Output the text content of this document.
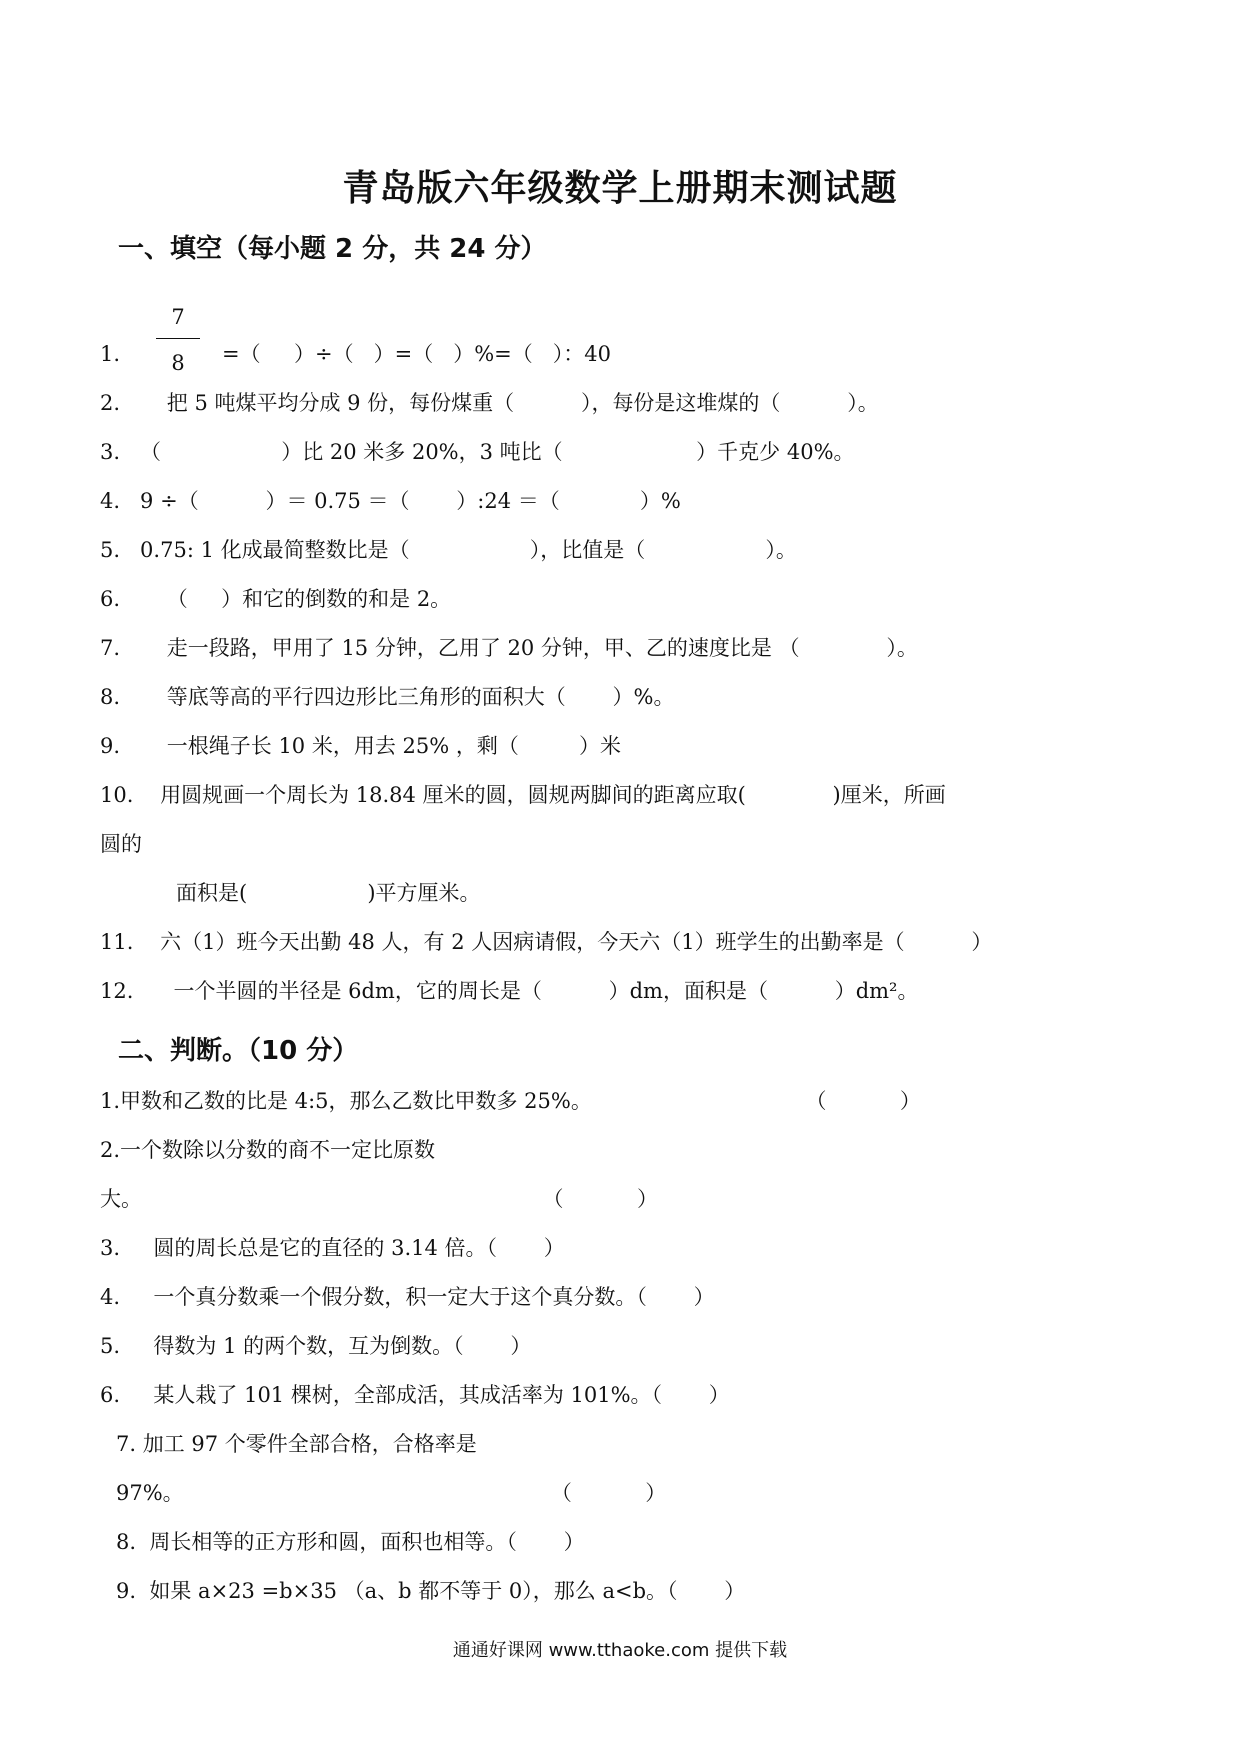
青岛版六年级数学上册期末测试题
一、填空（每小题 2 分，共 24 分）
7
8
1.	=（     ）÷（   ）=（   ）%=（   ）：40
2.       把 5 吨煤平均分成 9 份，每份煤重（          ），每份是这堆煤的（          ）。
3.   （                  ）比 20 米多 20%，3 吨比（                    ）千克少 40%。
4.   9 ÷（          ）＝ 0.75 ＝（       ）:24 ＝（            ）%
5.   0.75: 1 化成最简整数比是（                  ），比值是（                  ）。
6.       （     ）和它的倒数的和是 2。
7.       走一段路，甲用了 15 分钟，乙用了 20 分钟，甲、乙的速度比是 （             ）。
8.       等底等高的平行四边形比三角形的面积大（       ）%。
9.       一根绳子长 10 米，用去 25% ，剩（         ）米
10.    用圆规画一个周长为 18.84 厘米的圆，圆规两脚间的距离应取(             )厘米，所画
圆的
面积是(                  )平方厘米。
11.    六（1）班今天出勤 48 人，有 2 人因病请假，今天六（1）班学生的出勤率是（          ）
12.      一个半圆的半径是 6dm，它的周长是（          ）dm，面积是（          ）dm²。
二、判断。（10 分）
1.甲数和乙数的比是 4:5，那么乙数比甲数多 25%。                                （           ）
2.一个数除以分数的商不一定比原数
大。                                                            （           ）
3.     圆的周长总是它的直径的 3.14 倍。（       ）
4.     一个真分数乘一个假分数，积一定大于这个真分数。（       ）
5.     得数为 1 的两个数，互为倒数。（       ）
6.     某人栽了 101 棵树，全部成活，其成活率为 101%。（       ）
7. 加工 97 个零件全部合格，合格率是
97%。                                                       （           ）
8.  周长相等的正方形和圆，面积也相等。（       ）
9.  如果 a×23 =b×35 （a、b 都不等于 0），那么 a<b。（       ）
通通好课网 www.tthaoke.com 提供下载
